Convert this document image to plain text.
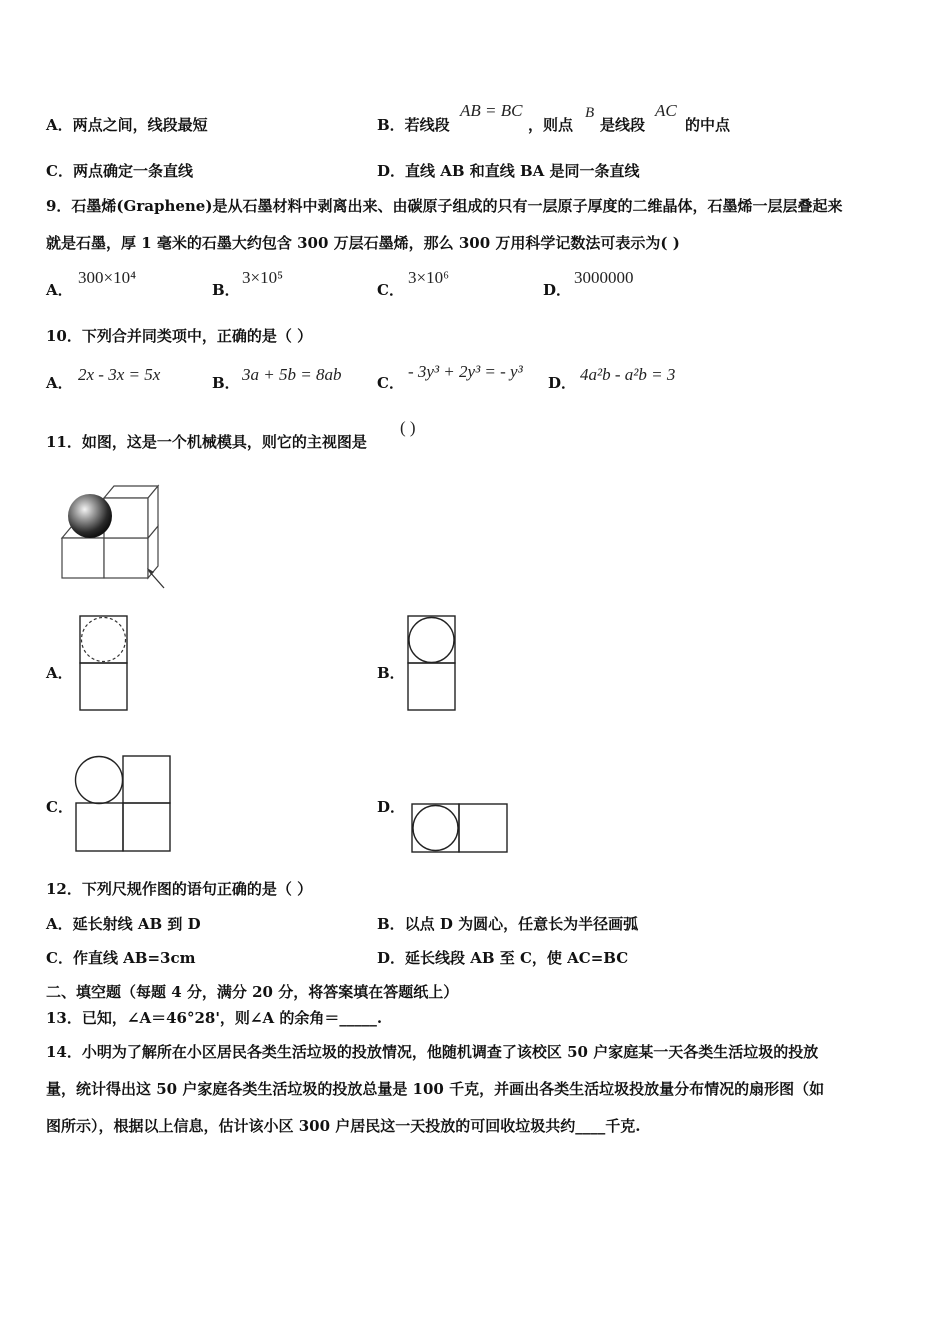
A．两点之间，线段最短	B．若线段
AB = BC
，则点
B
是线段
AC
的中点
C．两点确定一条直线	D．直线 AB 和直线 BA 是同一条直线
9．石墨烯(Graphene)是从石墨材料中剥离出来、由碳原子组成的只有一层原子厚度的二维晶体，石墨烯一层层叠起来
就是石墨，厚 1 毫米的石墨大约包含 300 万层石墨烯，那么 300 万用科学记数法可表示为( )
A．
300×10⁴
B．
3×10⁵
C．
3×10⁶
D．
3000000
10．下列合并同类项中，正确的是（ ）
A． 2x - 3x = 5x	B． 3a + 5b = 8ab C．
- 3y³ + 2y³ = - y³
D． 4a²b - a²b = 3
11．如图，这是一个机械模具，则它的主视图是
( )
A．	B．
C．	D．
12．下列尺规作图的语句正确的是（ ）
A．延长射线 AB 到 D	B．以点 D 为圆心，任意长为半径画弧
C．作直线 AB=3cm	D．延长线段 AB 至 C，使 AC=BC
二、填空题（每题 4 分，满分 20 分，将答案填在答题纸上）
13．已知，∠A＝46°28'，则∠A 的余角＝_____.
14．小明为了解所在小区居民各类生活垃圾的投放情况，他随机调查了该校区 50 户家庭某一天各类生活垃圾的投放
量，统计得出这 50 户家庭各类生活垃圾的投放总量是 100 千克，并画出各类生活垃圾投放量分布情况的扇形图（如
图所示），根据以上信息，估计该小区 300 户居民这一天投放的可回收垃圾共约____千克.
